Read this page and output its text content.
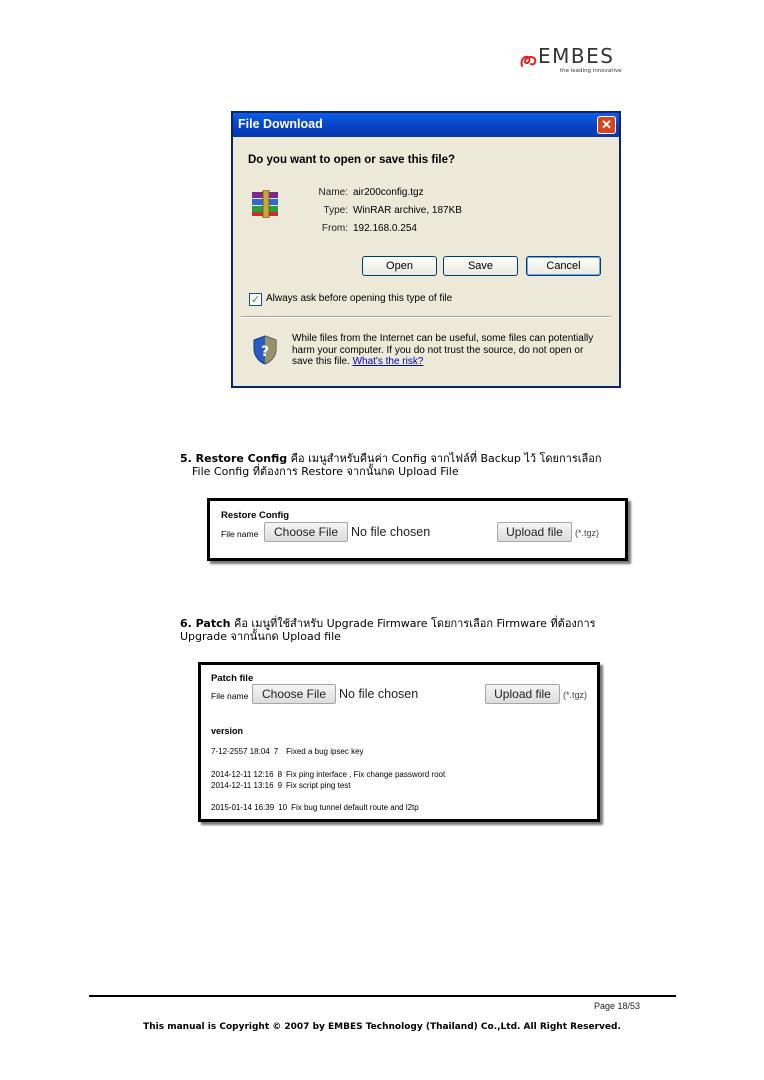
EMBES
the leading innovative
File Download	✕
Do you want to open or save this file?
Name: air200config.tgz
Type: WinRAR archive, 187KB
From: 192.168.0.254
Open	Save	Cancel
✓ Always ask before opening this type of file
?
While files from the Internet can be useful, some files can potentially harm your computer. If you do not trust the source, do not open or save this file. What's the risk?
5. Restore Config คือ เมนูสำหรับคืนค่า Config จากไฟล์ที่ Backup ไว้ โดยการเลือก
File Config ที่ต้องการ Restore จากนั้นกด Upload File
Restore Config
File name	Choose File	No file chosen	Upload file	(*.tgz)
6. Patch คือ เมนูที่ใช้สำหรับ Upgrade Firmware โดยการเลือก Firmware ที่ต้องการ
Upgrade จากนั้นกด Upload file
Patch file
File name	Choose File	No file chosen	Upload file	(*.tgz)
version
7-12-2557 18:04 7 Fixed a bug ipsec key
2014-12-11 12:16 8 Fix ping interface , Fix change password root
2014-12-11 13:16 9 Fix script ping test
2015-01-14 16:39 10 Fix bug tunnel default route and l2tp
Page 18/53
This manual is Copyright © 2007 by EMBES Technology (Thailand) Co.,Ltd. All Right Reserved.
